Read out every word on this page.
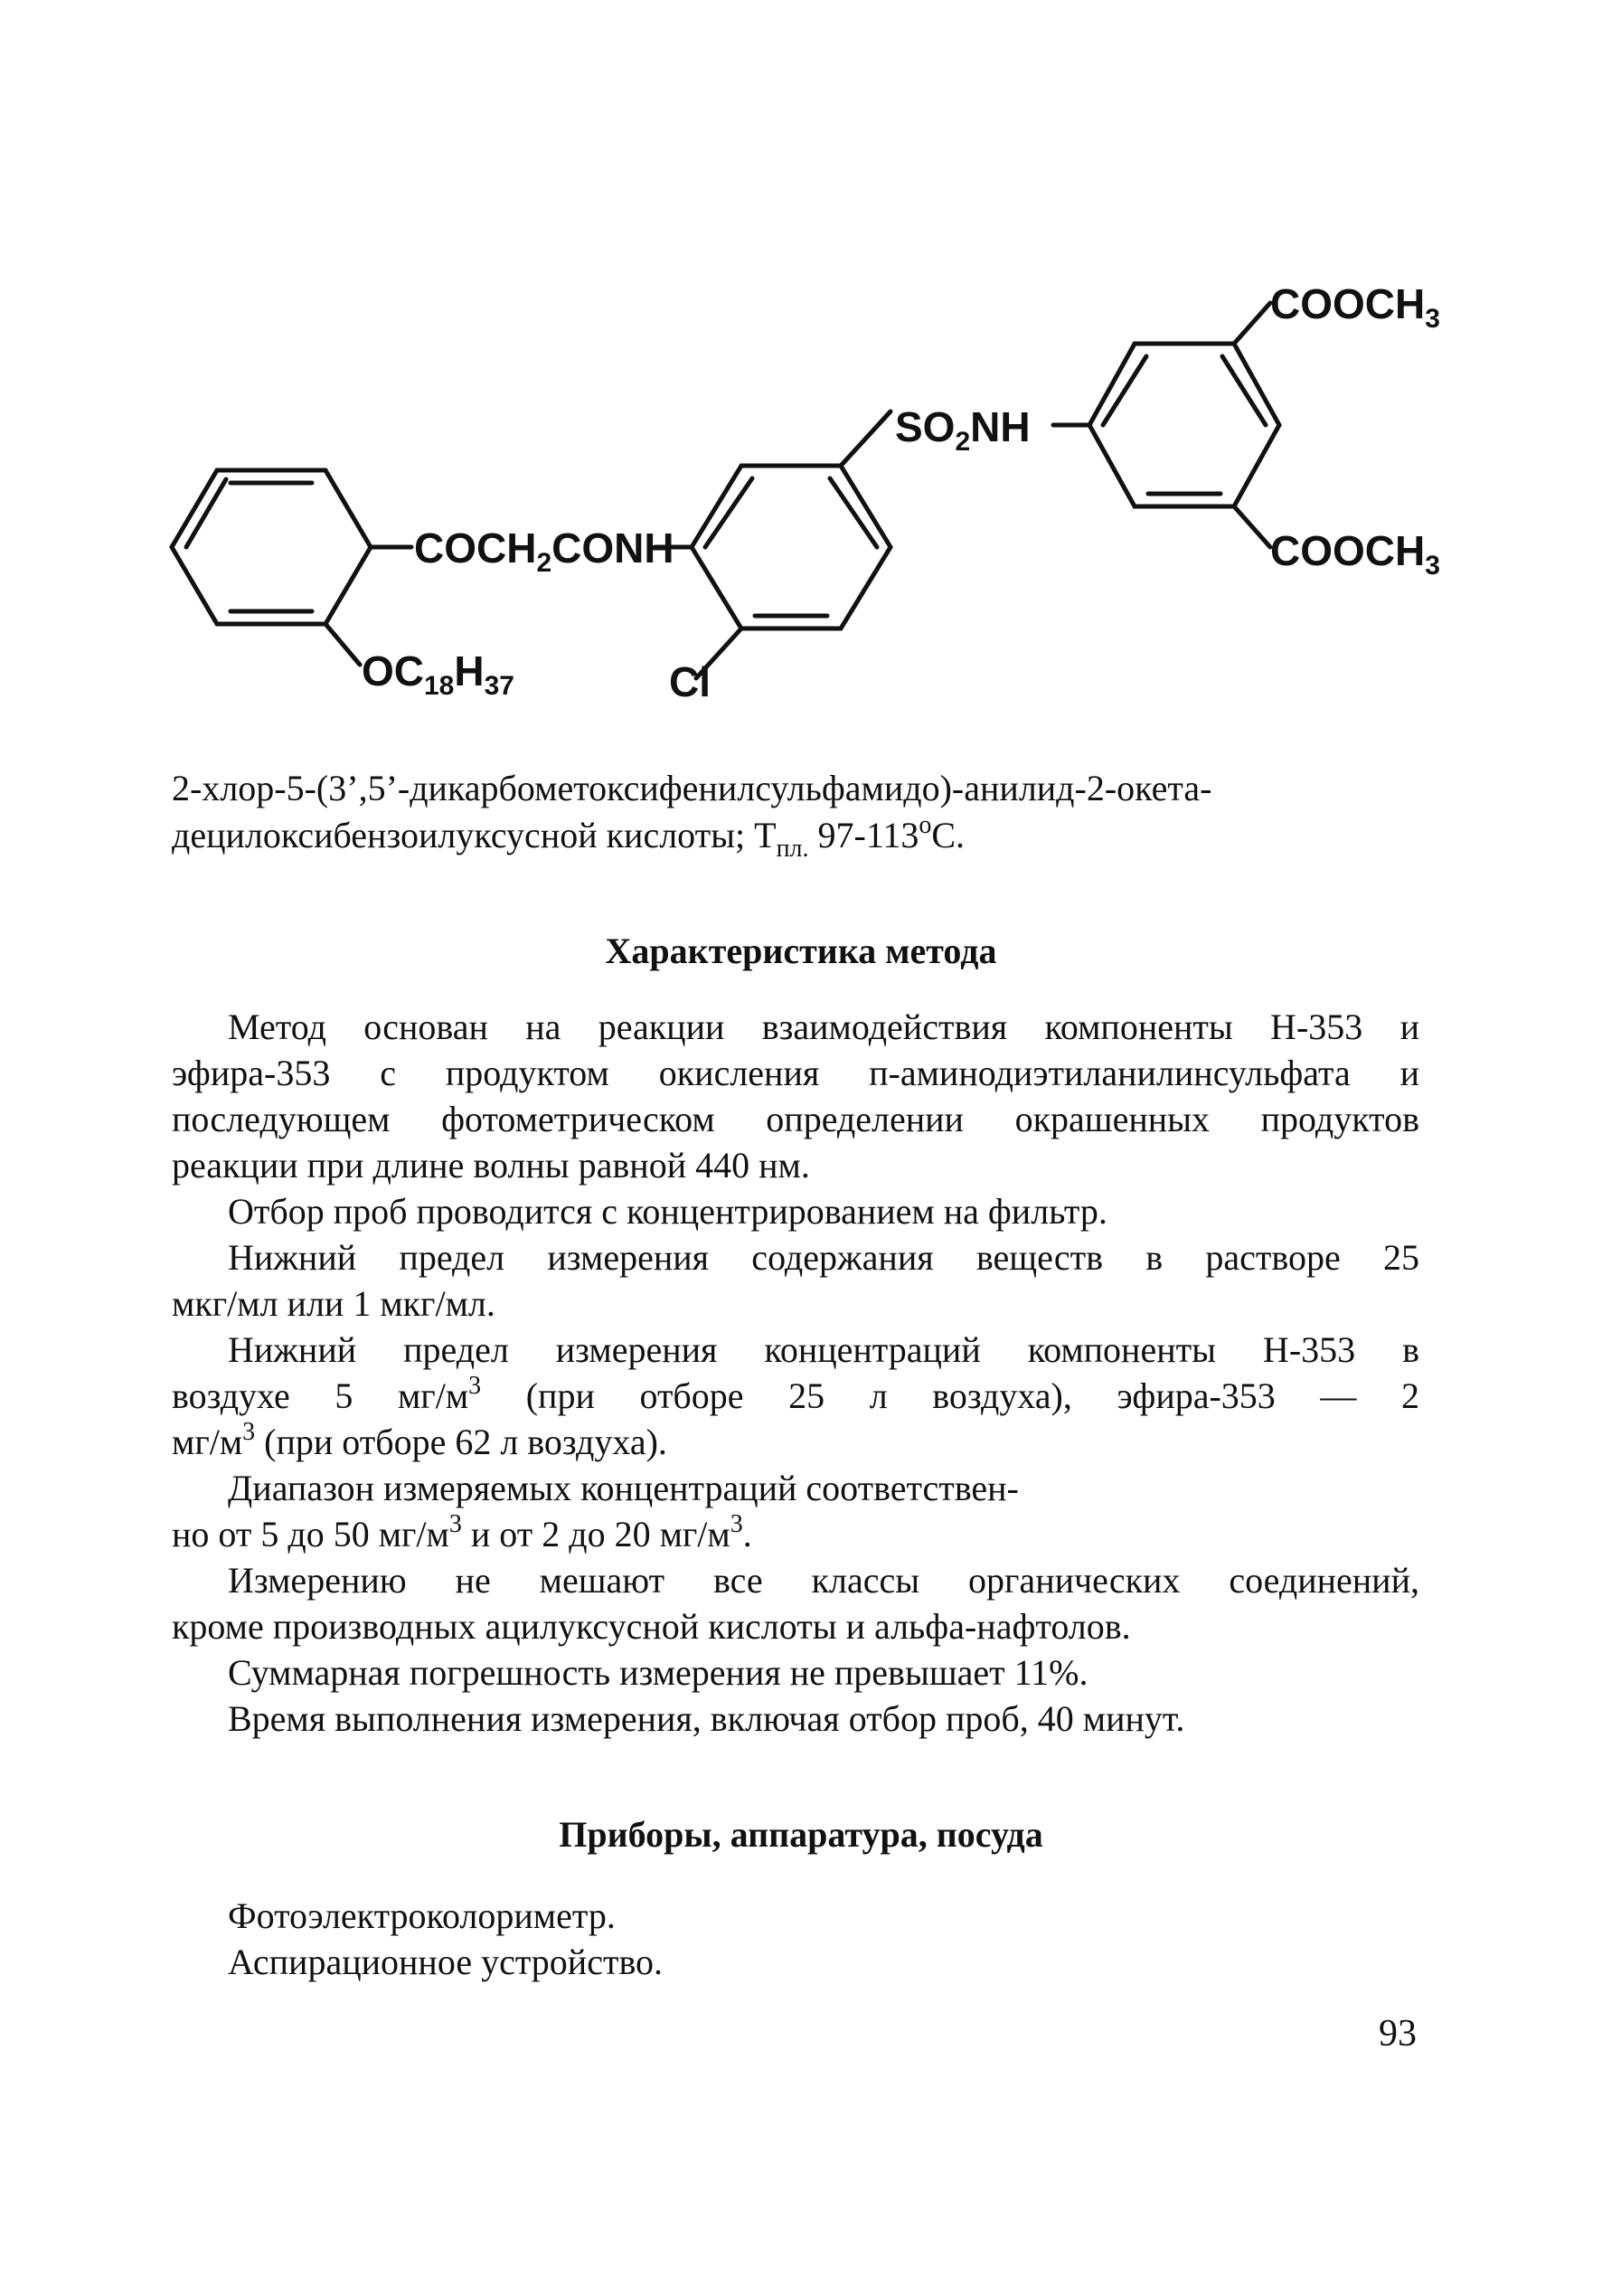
COOCH3
SO2NH
COOCH3
COCH2CONH
OC18H37	Cl
2-хлор-5-(3’,5’-дикарбометоксифенилсульфамидо)-анилид-2-окета-
децилоксибензоилуксусной кислоты; $Т_{пл.}$ 97-113$^o$C.
Характеристика метода
Метод основан на реакции взаимодействия компоненты Н-353 и
эфира-353 с продуктом окисления п-аминодиэтиланилинсульфата и
последующем фотометрическом определении окрашенных продуктов
реакции при длине волны равной 440 нм.
Отбор проб проводится с концентрированием на фильтр.
Нижний предел измерения содержания веществ в растворе 25
мкг/мл или 1 мкг/мл.
Нижний предел измерения концентраций компоненты Н-353 в
воздухе 5 $мг/м^3$ (при отборе 25 л воздуха), эфира-353 — 2
$мг/м^3$ (при отборе 62 л воздуха).
Диапазон измеряемых концентраций соответствен-
но от 5 до 50 $мг/м^3$ и от 2 до 20 $мг/м^3$.
Измерению не мешают все классы органических соединений,
кроме производных ацилуксусной кислоты и альфа-нафтолов.
Суммарная погрешность измерения не превышает 11%.
Время выполнения измерения, включая отбор проб, 40 минут.
Приборы, аппаратура, посуда
Фотоэлектроколориметр.
Аспирационное устройство.
93
